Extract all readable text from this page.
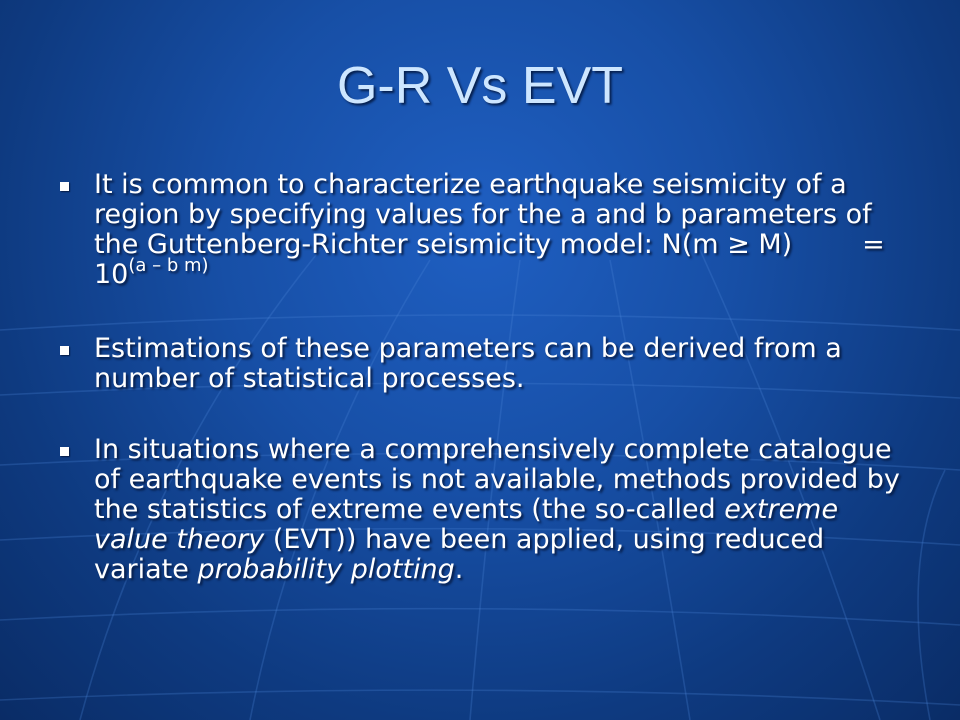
G-R Vs EVT
It is common to characterize earthquake seismicity of a region by specifying values for the a and b parameters of the Guttenberg-Richter seismicity model: N(m ≥ M)	= $10^{(a - b m)}$
Estimations of these parameters can be derived from a number of statistical processes.
In situations where a comprehensively complete catalogue of earthquake events is not available, methods provided by the statistics of extreme events (the so-called extreme value theory (EVT)) have been applied, using reduced variate probability plotting.
